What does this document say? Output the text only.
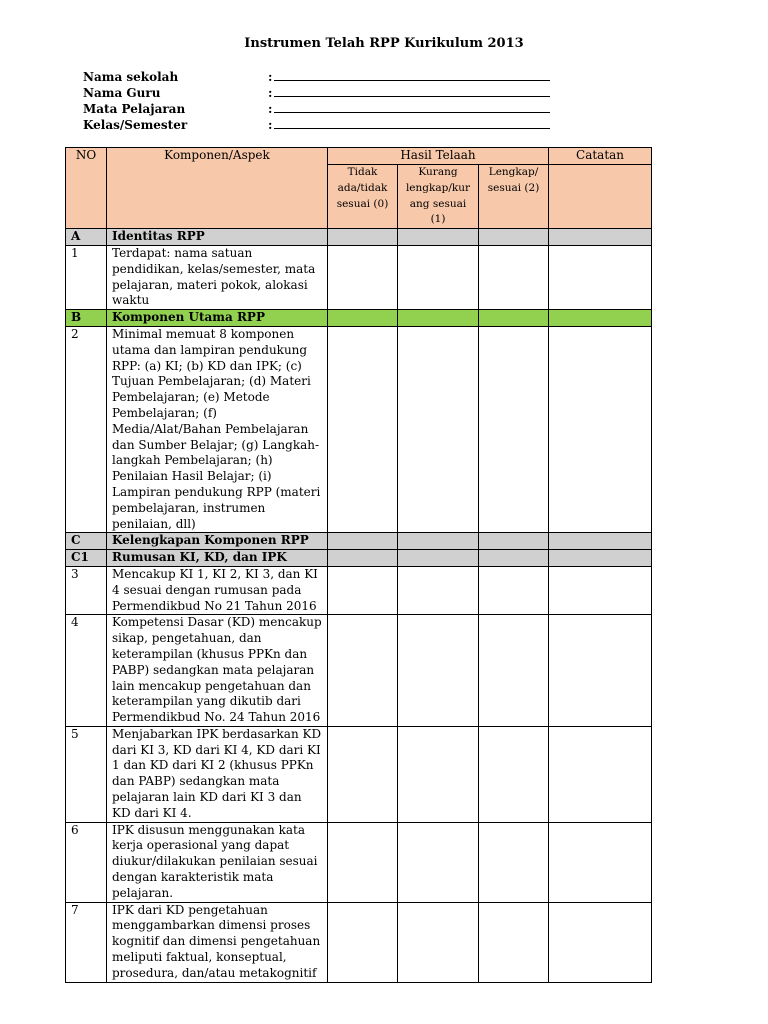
Instrumen Telah RPP Kurikulum 2013
Nama sekolah	:
Nama Guru	:
Mata Pelajaran	:
Kelas/Semester	:
NO	Komponen/Aspek	Hasil Telaah			Catatan
		Tidak ada/tidak sesuai (0)	Kurang lengkap/kur ang sesuai (1)	Lengkap/ sesuai (2)	
A	Identitas RPP				
1	Terdapat: nama satuan pendidikan, kelas/semester, mata pelajaran, materi pokok, alokasi waktu				
B	Komponen Utama RPP				
2	Minimal memuat 8 komponen utama dan lampiran pendukung RPP: (a) KI; (b) KD dan IPK; (c) Tujuan Pembelajaran; (d) Materi Pembelajaran; (e) Metode Pembelajaran; (f) Media/Alat/Bahan Pembelajaran dan Sumber Belajar; (g) Langkah-langkah Pembelajaran; (h) Penilaian Hasil Belajar; (i) Lampiran pendukung RPP (materi pembelajaran, instrumen penilaian, dll)				
C	Kelengkapan Komponen RPP				
C1	Rumusan KI, KD, dan IPK				
3	Mencakup KI 1, KI 2, KI 3, dan KI 4 sesuai dengan rumusan pada Permendikbud No 21 Tahun 2016				
4	Kompetensi Dasar (KD) mencakup sikap, pengetahuan, dan keterampilan (khusus PPKn dan PABP) sedangkan mata pelajaran lain mencakup pengetahuan dan keterampilan yang dikutib dari Permendikbud No. 24 Tahun 2016				
5	Menjabarkan IPK berdasarkan KD dari KI 3, KD dari KI 4, KD dari KI 1 dan KD dari KI 2 (khusus PPKn dan PABP) sedangkan mata pelajaran lain KD dari KI 3 dan KD dari KI 4.				
6	IPK disusun menggunakan kata kerja operasional yang dapat diukur/dilakukan penilaian sesuai dengan karakteristik mata pelajaran.				
7	IPK dari KD pengetahuan menggambarkan dimensi proses kognitif dan dimensi pengetahuan meliputi faktual, konseptual, prosedura, dan/atau metakognitif				
